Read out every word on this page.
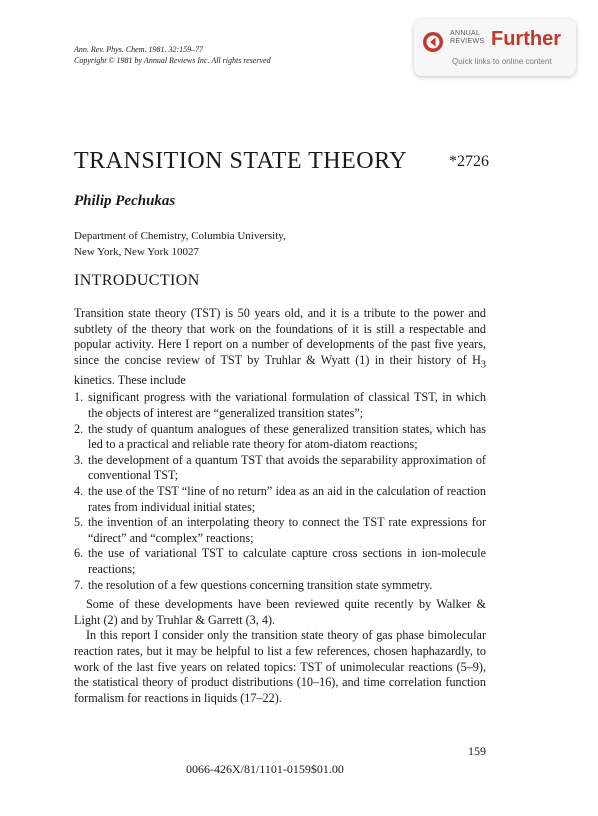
Ann. Rev. Phys. Chem. 1981. 32:159–77
Copyright © 1981 by Annual Reviews Inc. All rights reserved
ANNUAL
REVIEWS Further
Quick links to online content
TRANSITION STATE THEORY	*2726
Philip Pechukas
Department of Chemistry, Columbia University,
New York, New York 10027
INTRODUCTION

Transition state theory (TST) is 50 years old, and it is a tribute to the power and subtlety of the theory that work on the foundations of it is still a respectable and popular activity. Here I report on a number of developments of the past five years, since the concise review of TST by Truhlar & Wyatt (1) in their history of $H_3$ kinetics. These include

1. significant progress with the variational formulation of classical TST, in which the objects of interest are “generalized transition states”;
2. the study of quantum analogues of these generalized transition states, which has led to a practical and reliable rate theory for atom-diatom reactions;
3. the development of a quantum TST that avoids the separability approximation of conventional TST;
4. the use of the TST “line of no return” idea as an aid in the calculation of reaction rates from individual initial states;
5. the invention of an interpolating theory to connect the TST rate expressions for “direct” and “complex” reactions;
6. the use of variational TST to calculate capture cross sections in ion-molecule reactions;
7. the resolution of a few questions concerning transition state symmetry.

Some of these developments have been reviewed quite recently by Walker & Light (2) and by Truhlar & Garrett (3, 4).

In this report I consider only the transition state theory of gas phase bimolecular reaction rates, but it may be helpful to list a few references, chosen haphazardly, to work of the last five years on related topics: TST of unimolecular reactions (5–9), the statistical theory of product distributions (10–16), and time correlation function formalism for reactions in liquids (17–22).

159
0066-426X/81/1101-0159$01.00
